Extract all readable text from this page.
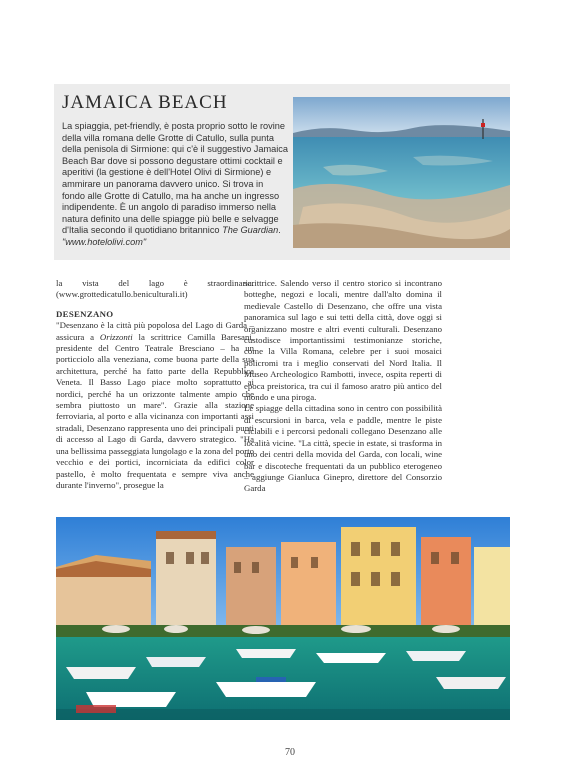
JAMAICA BEACH

La spiaggia, pet-friendly, è posta proprio sotto le rovine della villa romana delle Grotte di Catullo, sulla punta della penisola di Sirmione: qui c'è il suggestivo Jamaica Beach Bar dove si possono degustare ottimi cocktail e aperitivi (la gestione è dell'Hotel Olivi di Sirmione) e ammirare un panorama davvero unico. Si trova in fondo alle Grotte di Catullo, ma ha anche un ingresso indipendente. È un angolo di paradiso immerso nella natura definito una delle spiagge più belle e selvagge d'Italia secondo il quotidiano britannico The Guardian.
"www.hotelolivi.com"

la vista del lago è straordinaria. (www.grottedicatullo.beniculturali.it)

DESENZANO

"Desenzano è la città più popolosa del Lago di Garda – assicura a Orizzonti la scrittrice Camilla Baresani, presidente del Centro Teatrale Bresciano – ha un porticciolo alla veneziana, come buona parte della sua architettura, perché ha fatto parte della Repubblica Veneta. Il Basso Lago piace molto soprattutto ai nordici, perché ha un orizzonte talmente ampio che sembra piuttosto un mare". Grazie alla stazione ferroviaria, al porto e alla vicinanza con importanti assi stradali, Desenzano rappresenta uno dei principali punti di accesso al Lago di Garda, davvero strategico. "Ha una bellissima passeggiata lungolago e la zona del porto vecchio e dei portici, incorniciata da edifici color pastello, è molto frequentata e sempre viva anche durante l'inverno", prosegue la

scrittrice. Salendo verso il centro storico si incontrano botteghe, negozi e locali, mentre dall'alto domina il medievale Castello di Desenzano, che offre una vista panoramica sul lago e sui tetti della città, dove oggi si organizzano mostre e altri eventi culturali. Desenzano custodisce importantissimi testimonianze storiche, come la Villa Romana, celebre per i suoi mosaici policromi tra i meglio conservati del Nord Italia. Il Museo Archeologico Rambotti, invece, ospita reperti di epoca preistorica, tra cui il famoso aratro più antico del mondo e una piroga.

Le spiagge della cittadina sono in centro con possibilità di escursioni in barca, vela e paddle, mentre le piste ciclabili e i percorsi pedonali collegano Desenzano alle località vicine. "La città, specie in estate, si trasforma in uno dei centri della movida del Garda, con locali, wine bar e discoteche frequentati da un pubblico eterogeneo – aggiunge Gianluca Ginepro, direttore del Consorzio Garda

70
